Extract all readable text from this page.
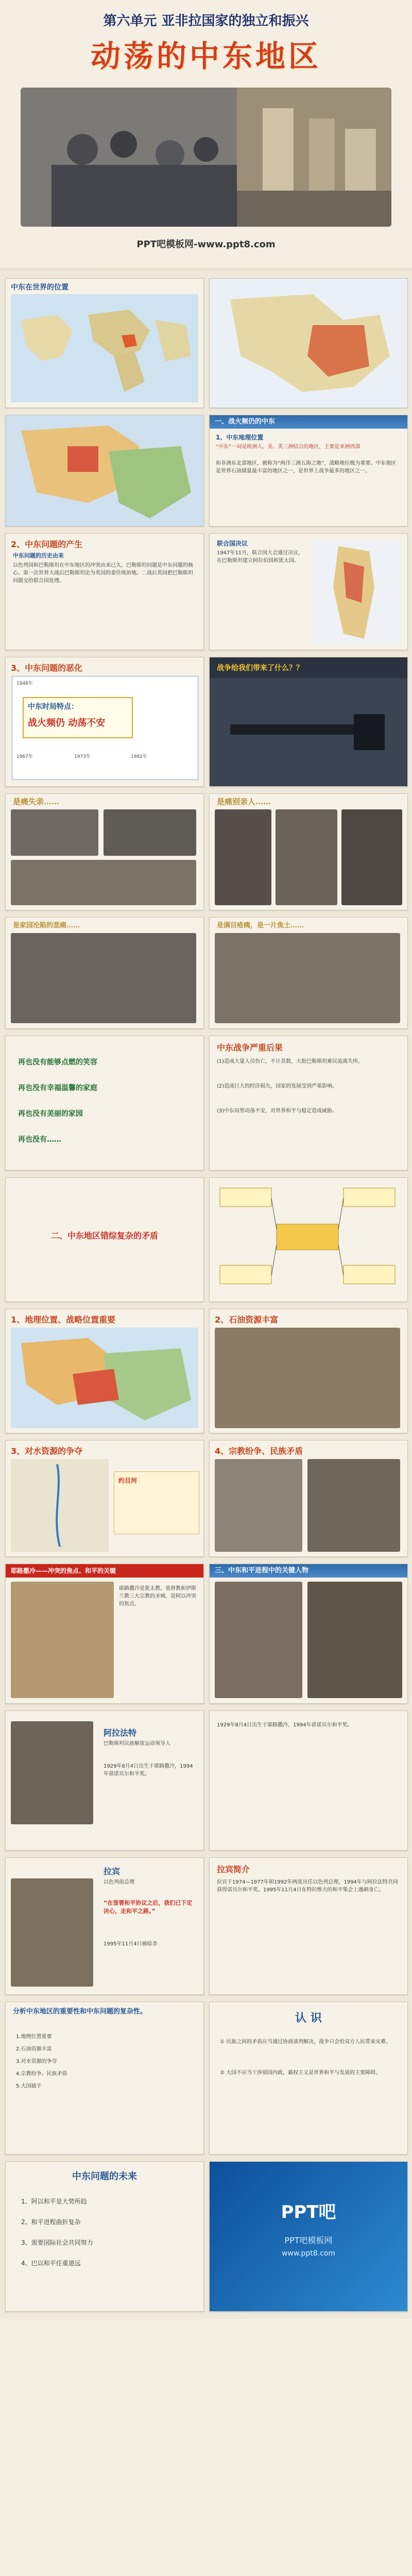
第六单元 亚非拉国家的独立和振兴
动荡的中东地区
PPT吧模板网-www.ppt8.com
中东在世界的位置
一、战火频仍的中东
1、中东地理位置
“中东”一词是欧洲人、美、英三洲结合的地区，主要是亚洲西部
和非洲东北部地区，被称为“两洋三洲五海之地”，战略地位极为重要。中东地区是世界石油储量最丰富的地区之一，是世界上战争最多的地区之一。
2、中东问题的产生
中东问题的历史由来
以色列国和巴勒斯坦在中东地区的冲突由来已久，巴勒斯坦问题是中东问题的核心。第一次世界大战后巴勒斯坦沦为英国的委任统治地。二战后英国把巴勒斯坦问题交给联合国处理。
联合国决议
1947年11月，联合国大会通过决议，在巴勒斯坦建立阿拉伯国和犹太国。
3、中东问题的恶化
1948年
1967年	1973年	1982年
中东时局特点：
战火频仍 动荡不安
战争给我们带来了什么？？
是痛失亲……	是痛别亲人……
是家园沦陷的悲痛……	是满目疮痍，是一片焦土……
再也没有能够点燃的笑容
再也没有幸福温馨的家庭
再也没有美丽的家园
再也没有……
中东战争严重后果
(1)造成大量人员伤亡，不计其数，大批巴勒斯坦难民流离失所。
(2)造成巨大的经济损失，国家的发展受到严重影响。
(3)中东局势动荡不安，对世界和平与稳定造成威胁。
二、中东地区错综复杂的矛盾
1、地理位置、战略位置重要	2、石油资源丰富
3、对水资源的争夺
约旦河
4、宗教纷争、民族矛盾
耶路撒冷——冲突的焦点、和平的关键
耶路撒冷是犹太教、基督教和伊斯兰教三大宗教的圣城，是阿以冲突的焦点。
三、中东和平进程中的关键人物
阿拉法特
巴勒斯坦民族解放运动领导人
1929年8月4日出生于耶路撒冷，1994年获诺贝尔和平奖。
1929年8月4日出生于耶路撒冷，1994年获诺贝尔和平奖。
拉宾
以色列前总理
“在签署和平协议之后，我们已下定决心，走和平之路。”
1995年11月4日被暗杀
拉宾简介
拉宾于1974—1977年和1992年两度出任以色列总理，1994年与阿拉法特共同获得诺贝尔和平奖。1995年11月4日在特拉维夫的和平集会上遇刺身亡。
分析中东地区的重要性和中东问题的复杂性。
1.地理位置重要
2.石油资源丰富
3.对水资源的争夺
4.宗教纷争、民族矛盾
5.大国插手
认 识
① 民族之间的矛盾应当通过协商谈判解决，战争只会给双方人民带来灾难。
② 大国不应当干涉别国内政，霸权主义是世界和平与发展的主要障碍。
中东问题的未来
1、阿以和平是大势所趋
2、和平进程曲折复杂
3、需要国际社会共同努力
4、巴以和平任重道远
PPT吧
PPT吧模板网
www.ppt8.com
